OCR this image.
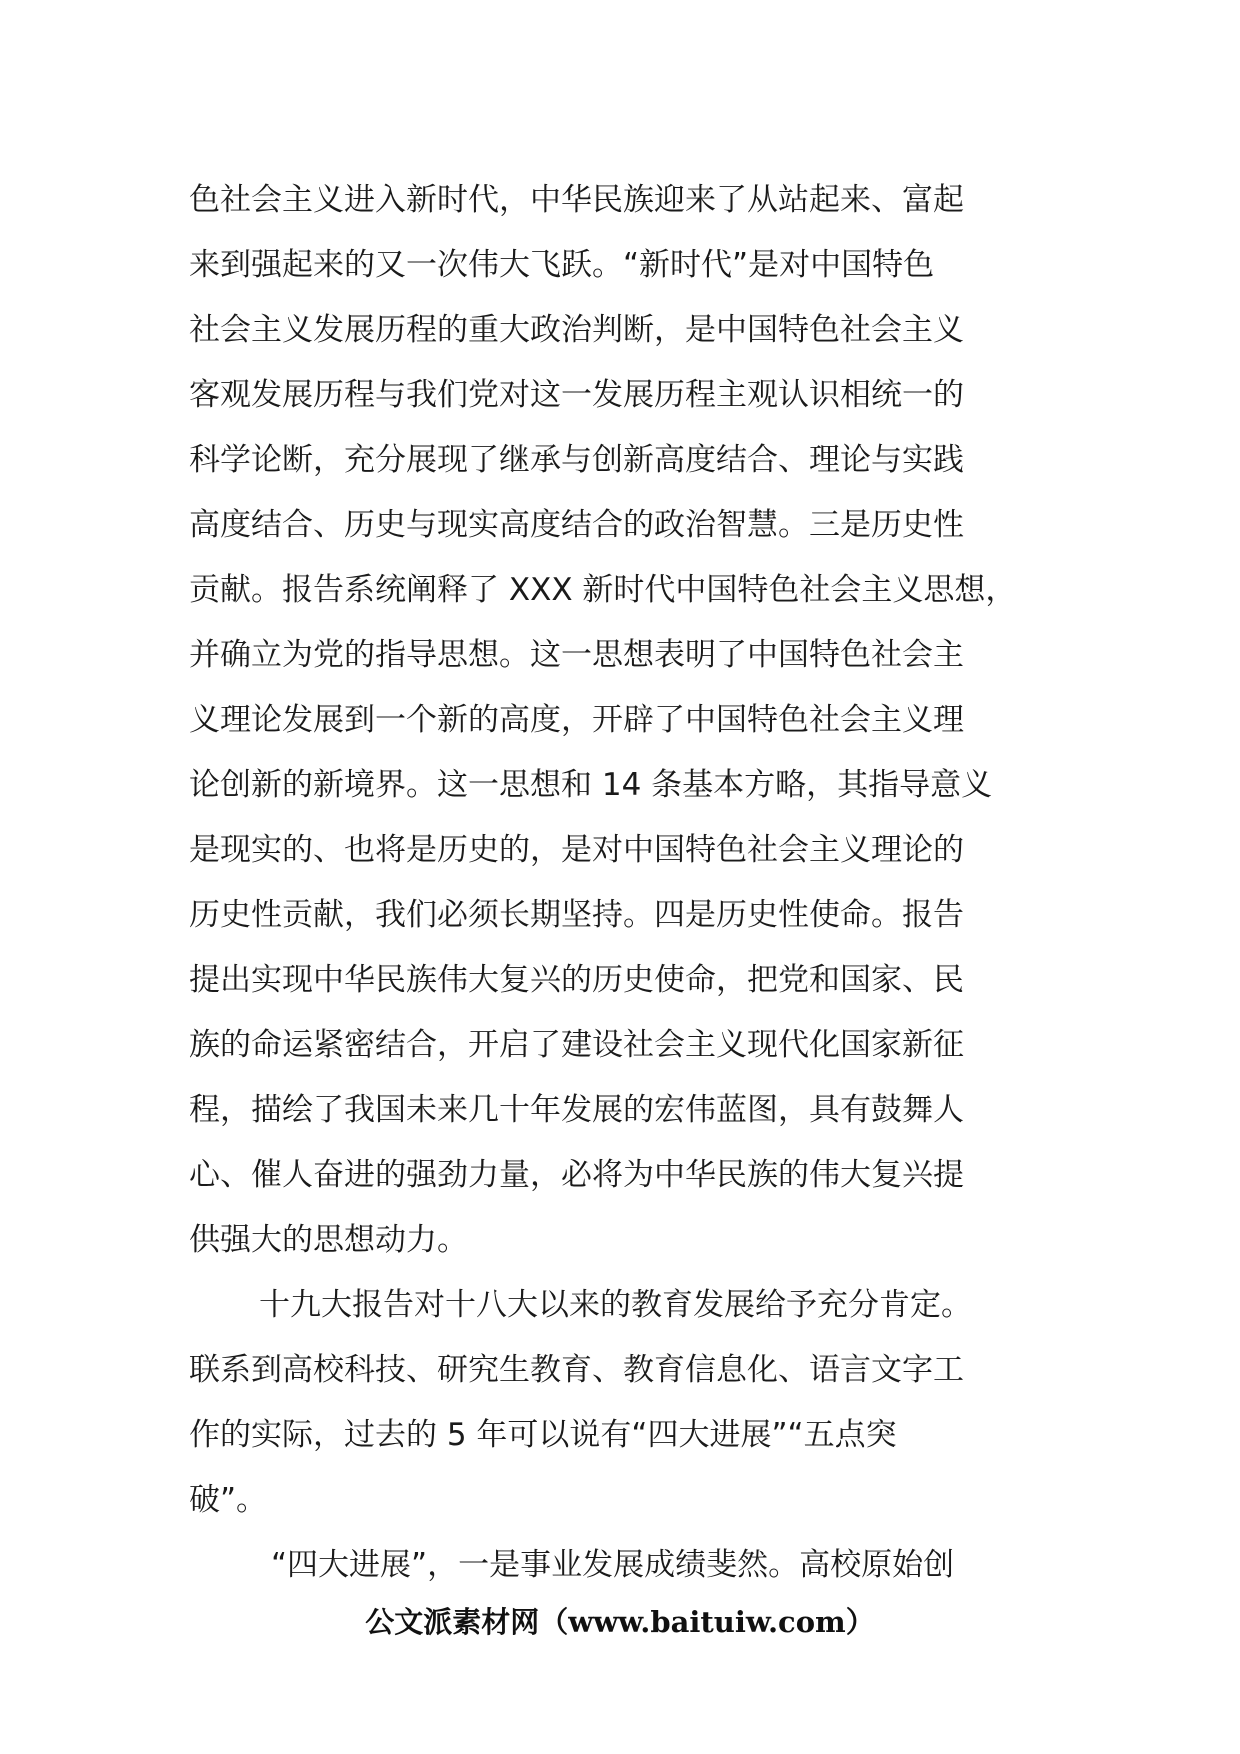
色社会主义进入新时代，中华民族迎来了从站起来、富起

来到强起来的又一次伟大飞跃。“新时代”是对中国特色

社会主义发展历程的重大政治判断，是中国特色社会主义

客观发展历程与我们党对这一发展历程主观认识相统一的

科学论断，充分展现了继承与创新高度结合、理论与实践

高度结合、历史与现实高度结合的政治智慧。三是历史性

贡献。报告系统阐释了 XXX 新时代中国特色社会主义思想，

并确立为党的指导思想。这一思想表明了中国特色社会主

义理论发展到一个新的高度，开辟了中国特色社会主义理

论创新的新境界。这一思想和 14 条基本方略，其指导意义

是现实的、也将是历史的，是对中国特色社会主义理论的

历史性贡献，我们必须长期坚持。四是历史性使命。报告

提出实现中华民族伟大复兴的历史使命，把党和国家、民

族的命运紧密结合，开启了建设社会主义现代化国家新征

程，描绘了我国未来几十年发展的宏伟蓝图，具有鼓舞人

心、催人奋进的强劲力量，必将为中华民族的伟大复兴提

供强大的思想动力。

十九大报告对十八大以来的教育发展给予充分肯定。

联系到高校科技、研究生教育、教育信息化、语言文字工

作的实际，过去的 5 年可以说有“四大进展”“五点突

破”。

“四大进展”，一是事业发展成绩斐然。高校原始创

公文派素材网（www.baituiw.com）
